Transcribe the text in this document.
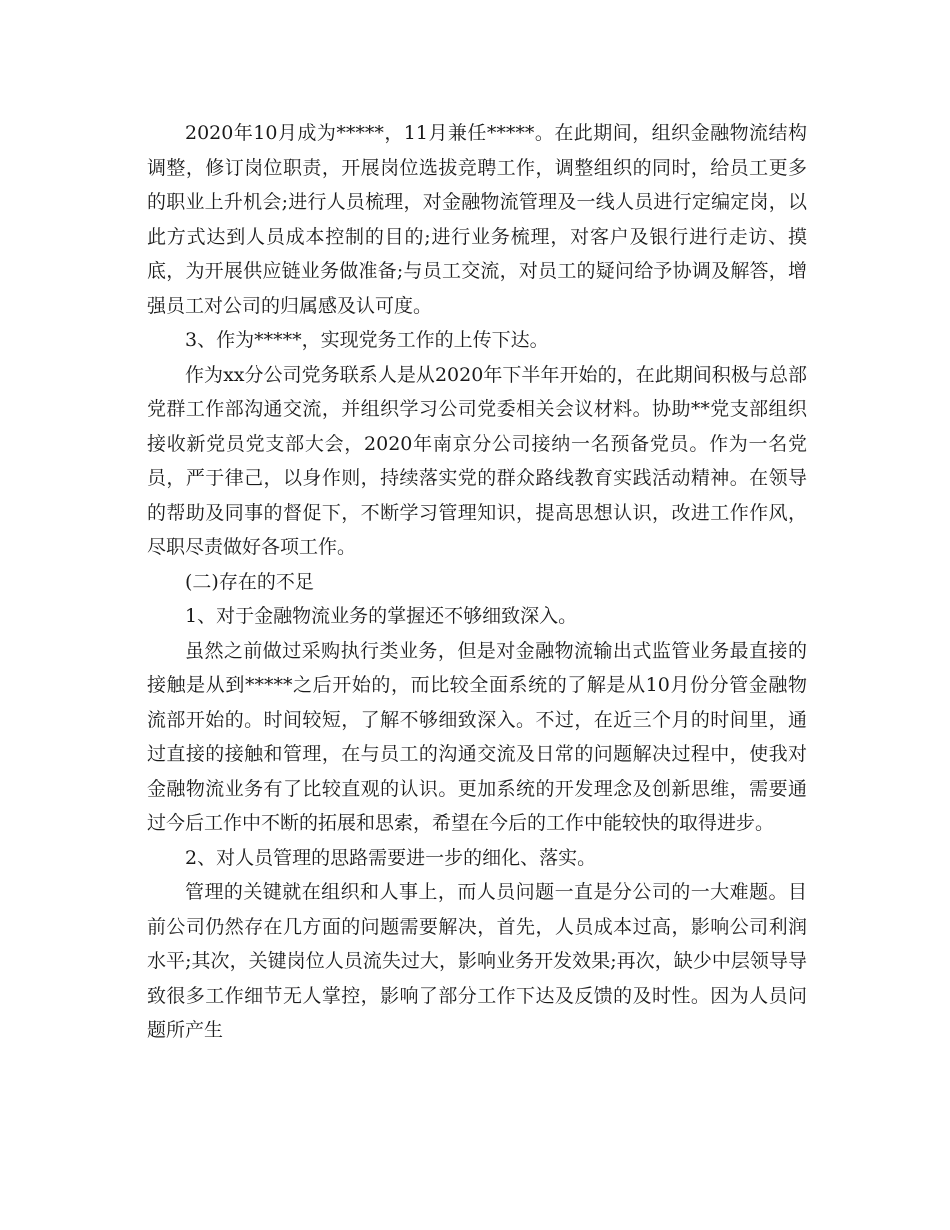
2020年10月成为*****，11月兼任*****。在此期间，组织金融物流结构调整，修订岗位职责，开展岗位选拔竞聘工作，调整组织的同时，给员工更多的职业上升机会;进行人员梳理，对金融物流管理及一线人员进行定编定岗，以此方式达到人员成本控制的目的;进行业务梳理，对客户及银行进行走访、摸底，为开展供应链业务做准备;与员工交流，对员工的疑问给予协调及解答，增强员工对公司的归属感及认可度。

3、作为*****，实现党务工作的上传下达。

作为xx分公司党务联系人是从2020年下半年开始的，在此期间积极与总部党群工作部沟通交流，并组织学习公司党委相关会议材料。协助**党支部组织接收新党员党支部大会，2020年南京分公司接纳一名预备党员。作为一名党员，严于律己，以身作则，持续落实党的群众路线教育实践活动精神。在领导的帮助及同事的督促下，不断学习管理知识，提高思想认识，改进工作作风，尽职尽责做好各项工作。

(二)存在的不足

1、对于金融物流业务的掌握还不够细致深入。

虽然之前做过采购执行类业务，但是对金融物流输出式监管业务最直接的接触是从到*****之后开始的，而比较全面系统的了解是从10月份分管金融物流部开始的。时间较短，了解不够细致深入。不过，在近三个月的时间里，通过直接的接触和管理，在与员工的沟通交流及日常的问题解决过程中，使我对金融物流业务有了比较直观的认识。更加系统的开发理念及创新思维，需要通过今后工作中不断的拓展和思索，希望在今后的工作中能较快的取得进步。

2、对人员管理的思路需要进一步的细化、落实。

管理的关键就在组织和人事上，而人员问题一直是分公司的一大难题。目前公司仍然存在几方面的问题需要解决，首先，人员成本过高，影响公司利润水平;其次，关键岗位人员流失过大，影响业务开发效果;再次，缺少中层领导导致很多工作细节无人掌控，影响了部分工作下达及反馈的及时性。因为人员问题所产生
